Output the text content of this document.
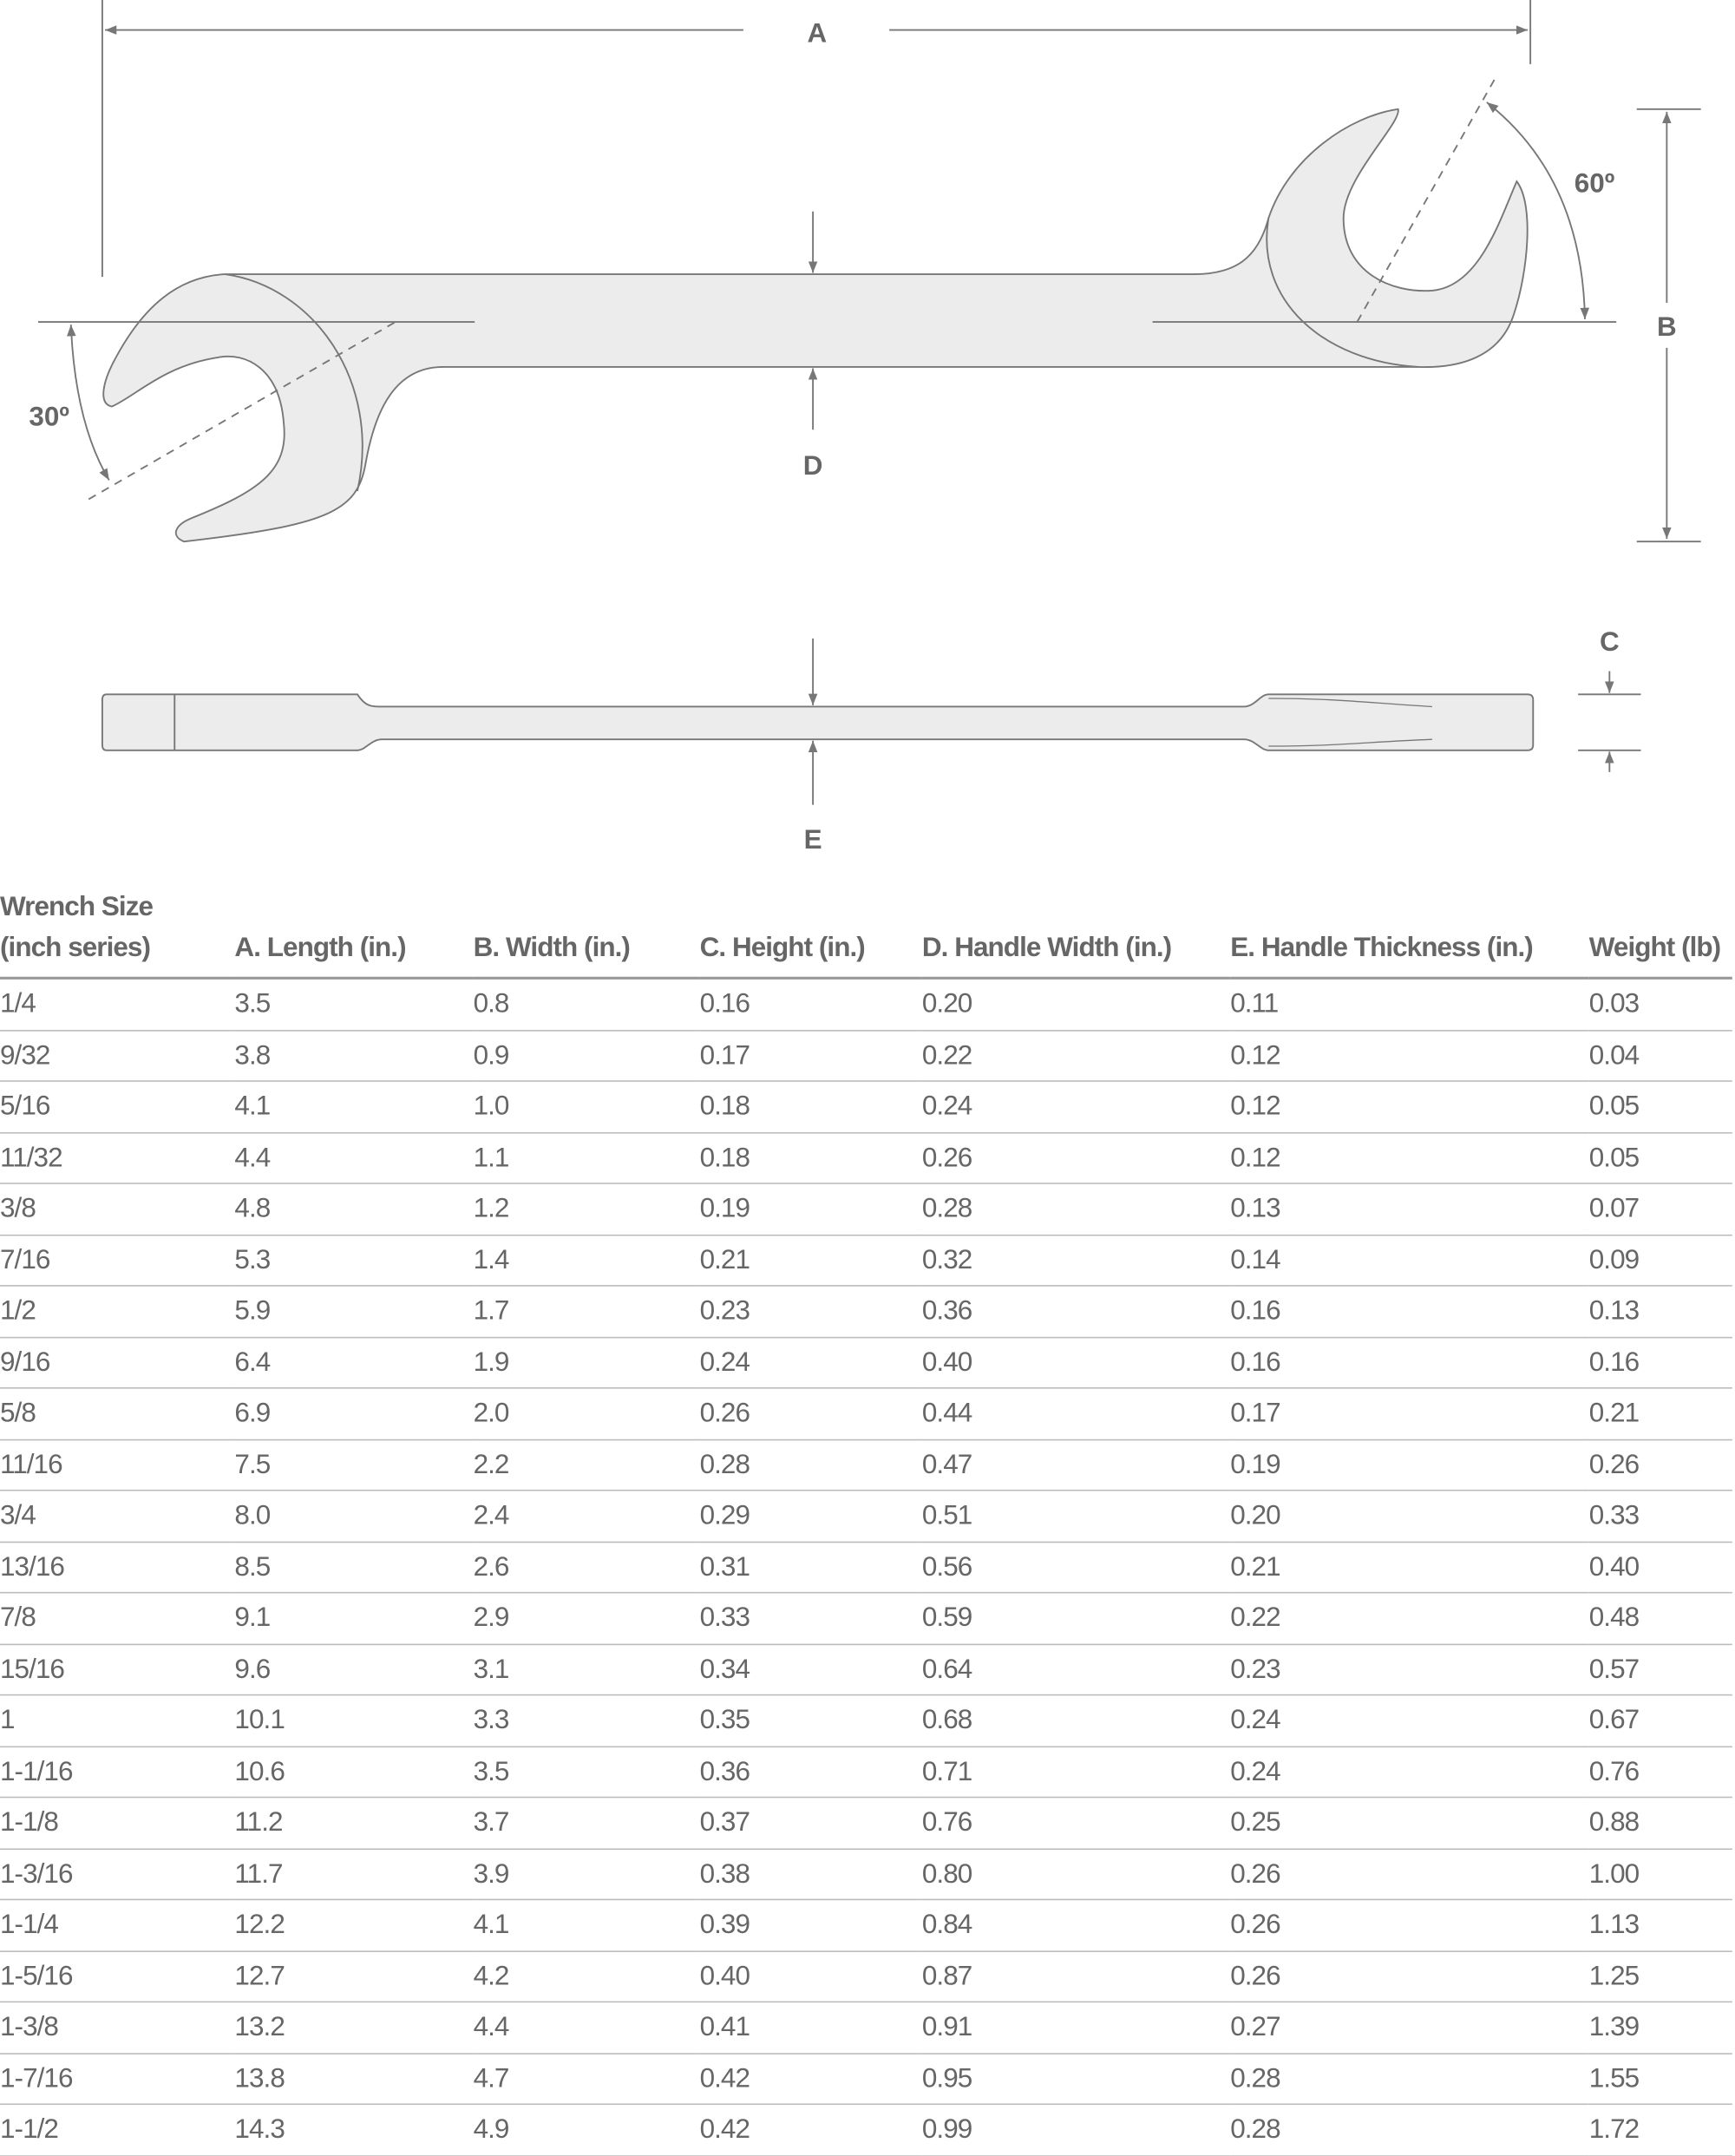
A
B
C
D
E
30º
60º
Wrench Size
(inch series)	A. Length (in.)	B. Width (in.)	C. Height (in.)	D. Handle Width (in.)	E. Handle Thickness (in.)	Weight (lb)
1/4	3.5	0.8	0.16	0.20	0.11	0.03
9/32	3.8	0.9	0.17	0.22	0.12	0.04
5/16	4.1	1.0	0.18	0.24	0.12	0.05
11/32	4.4	1.1	0.18	0.26	0.12	0.05
3/8	4.8	1.2	0.19	0.28	0.13	0.07
7/16	5.3	1.4	0.21	0.32	0.14	0.09
1/2	5.9	1.7	0.23	0.36	0.16	0.13
9/16	6.4	1.9	0.24	0.40	0.16	0.16
5/8	6.9	2.0	0.26	0.44	0.17	0.21
11/16	7.5	2.2	0.28	0.47	0.19	0.26
3/4	8.0	2.4	0.29	0.51	0.20	0.33
13/16	8.5	2.6	0.31	0.56	0.21	0.40
7/8	9.1	2.9	0.33	0.59	0.22	0.48
15/16	9.6	3.1	0.34	0.64	0.23	0.57
1	10.1	3.3	0.35	0.68	0.24	0.67
1-1/16	10.6	3.5	0.36	0.71	0.24	0.76
1-1/8	11.2	3.7	0.37	0.76	0.25	0.88
1-3/16	11.7	3.9	0.38	0.80	0.26	1.00
1-1/4	12.2	4.1	0.39	0.84	0.26	1.13
1-5/16	12.7	4.2	0.40	0.87	0.26	1.25
1-3/8	13.2	4.4	0.41	0.91	0.27	1.39
1-7/16	13.8	4.7	0.42	0.95	0.28	1.55
1-1/2	14.3	4.9	0.42	0.99	0.28	1.72
